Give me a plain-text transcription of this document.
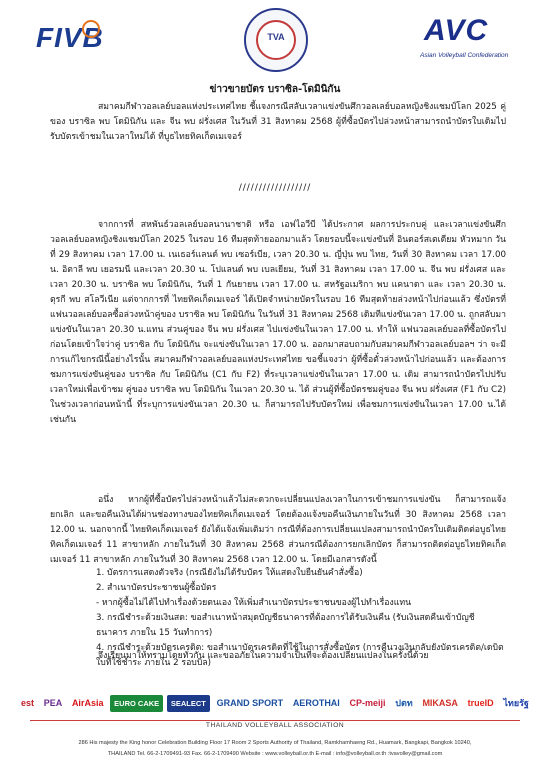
FIVB	TVA	AVC
Asian Volleyball Confederation
ข่าวขายบัตร บราซิล-โดมินิกัน
สมาคมกีฬาวอลเลย์บอลแห่งประเทศไทย ชี้แจงกรณีสลับเวลาแข่งขันศึกวอลเลย์บอลหญิงชิงแชมป์โลก 2025 คู่ของ บราซิล พบ โดมินิกัน และ จีน พบ ฝรั่งเศส ในวันที่ 31 สิงหาคม 2568 ผู้ที่ซื้อบัตรไปล่วงหน้าสามารถนำบัตรใบเดิมไปรับบัตรเข้าชมในเวลาใหม่ได้ ที่บูธไทยทิคเก็ตเมเจอร์
//////////////////
จากการที่ สหพันธ์วอลเลย์บอลนานาชาติ หรือ เอฟไอวีบี ได้ประกาศ ผลการประกบคู่ และเวลาแข่งขันศึกวอลเลย์บอลหญิงชิงแชมป์โลก 2025 ในรอบ 16 ทีมสุดท้ายออกมาแล้ว โดยรอบนี้จะแข่งขันที่ อินดอร์สเตเดียม หัวหมาก วันที่ 29 สิงหาคม เวลา 17.00 น. เนเธอร์แลนด์ พบ เซอร์เบีย, เวลา 20.30 น. ญี่ปุ่น พบ ไทย, วันที่ 30 สิงหาคม เวลา 17.00 น. อิตาลี พบ เยอรมนี และเวลา 20.30 น. โปแลนด์ พบ เบลเยียม, วันที่ 31 สิงหาคม เวลา 17.00 น. จีน พบ ฝรั่งเศส และ เวลา 20.30 น. บราซิล พบ โดมินิกัน, วันที่ 1 กันยายน เวลา 17.00 น. สหรัฐอเมริกา พบ แคนาดา และ เวลา 20.30 น. ตุรกี พบ สโลวีเนีย แต่จากการที่ ไทยทิคเก็ตเมเจอร์ ได้เปิดจำหน่ายบัตรในรอบ 16 ทีมสุดท้ายล่วงหน้าไปก่อนแล้ว ซึ่งบัตรที่แฟนวอลเลย์บอลซื้อล่วงหน้าคู่ของ บราซิล พบ โดมินิกัน ในวันที่ 31 สิงหาคม 2568 เดิมทีแข่งขันเวลา 17.00 น. ถูกสลับมาแข่งขันในเวลา 20.30 น.แทน ส่วนคู่ของ จีน พบ ฝรั่งเศส ไปแข่งขันในเวลา 17.00 น. ทำให้ แฟนวอลเลย์บอลที่ซื้อบัตรไปก่อนโดยเข้าใจว่าคู่ บราซิล กับ โดมินิกัน จะแข่งขันในเวลา 17.00 น. ออกมาสอบถามกับสมาคมกีฬาวอลเลย์บอลฯ ว่า จะมีการแก้ไขกรณีนี้อย่างไรนั้น สมาคมกีฬาวอลเลย์บอลแห่งประเทศไทย ขอชี้แจงว่า ผู้ที่ซื้อตั๋วล่วงหน้าไปก่อนแล้ว และต้องการชมการแข่งขันคู่ของ บราซิล กับ โดมินิกัน (C1 กับ F2) ที่ระบุเวลาแข่งขันในเวลา 17.00 น. เดิม สามารถนำบัตรไปปรับเวลาใหม่เพื่อเข้าชม คู่ของ บราซิล พบ โดมินิกัน ในเวลา 20.30 น. ได้ ส่วนผู้ที่ซื้อบัตรชมคู่ของ จีน พบ ฝรั่งเศส (F1 กับ C2) ในช่วงเวลาก่อนหน้านี้ ที่ระบุการแข่งขันเวลา 20.30 น. ก็สามารถไปรับบัตรใหม่ เพื่อชมการแข่งขันในเวลา 17.00 น.ได้เช่นกัน
อนึ่ง หากผู้ที่ซื้อบัตรไปล่วงหน้าแล้วไม่สะดวกจะเปลี่ยนแปลงเวลาในการเข้าชมการแข่งขัน ก็สามารถแจ้งยกเลิก และขอคืนเงินได้ผ่านช่องทางของไทยทิคเก็ตเมเจอร์ โดยต้องแจ้งขอคืนเงินภายในวันที่ 30 สิงหาคม 2568 เวลา 12.00 น. นอกจากนี้ ไทยทิคเก็ตเมเจอร์ ยังได้แจ้งเพิ่มเติมว่า กรณีที่ต้องการเปลี่ยนแปลงสามารถนำบัตรใบเดิมติดต่อบูธไทยทิคเก็ตเมเจอร์ 11 สาขาหลัก ภายในวันที่ 30 สิงหาคม 2568 ส่วนกรณีต้องการยกเลิกบัตร ก็สามารถติดต่อบูธไทยทิคเก็ตเมเจอร์ 11 สาขาหลัก ภายในวันที่ 30 สิงหาคม 2568 เวลา 12.00 น. โดยมีเอกสารดังนี้
1. บัตรการแสดงตัวจริง (กรณียังไม่ได้รับบัตร ให้แสดงใบยืนยันคำสั่งซื้อ)
2. สำเนาบัตรประชาชนผู้ซื้อบัตร
- หากผู้ซื้อไม่ได้ไปทำเรื่องด้วยตนเอง ให้เพิ่มสำเนาบัตรประชาชนของผู้ไปทำเรื่องแทน
3. กรณีชำระด้วยเงินสด: ขอสำเนาหน้าสมุดบัญชีธนาคารที่ต้องการได้รับเงินคืน (รับเงินสดคืนเข้าบัญชีธนาคาร ภายใน 15 วันทำการ)
4. กรณีชำระด้วยบัตรเครดิต: ขอสำเนาบัตรเครดิตที่ใช้ในการสั่งซื้อบัตร (การคืนวงเงินกลับยังบัตรเครดิต/เดบิตใบที่ใช้ชำระ ภายใน 2 รอบบิล)
จึงเรียนมาให้ทราบโดยทั่วกัน และขออภัยในความจำเป็นที่จะต้องเปลี่ยนแปลงในครั้งนี้ด้วย
est	PEA	AirAsia	EURO CAKE	SEALECT	GRAND SPORT	AEROTHAI	CP-meiji	ปตท	MIKASA	trueID	ไทยรัฐ
THAILAND VOLLEYBALL ASSOCIATION
286 His majesty the King honor Celebration Building Floor 17 Room 2 Sports Authority of Thailand, Ramkhamhaeng Rd., Huamark, Bangkapi, Bangkok 10240,
THAILAND Tel. 66-2-1709491-93 Fax. 66-2-1709490 Website : www.volleyball.or.th E-mail : info@volleyball.or.th :tvavolley@gmail.com
